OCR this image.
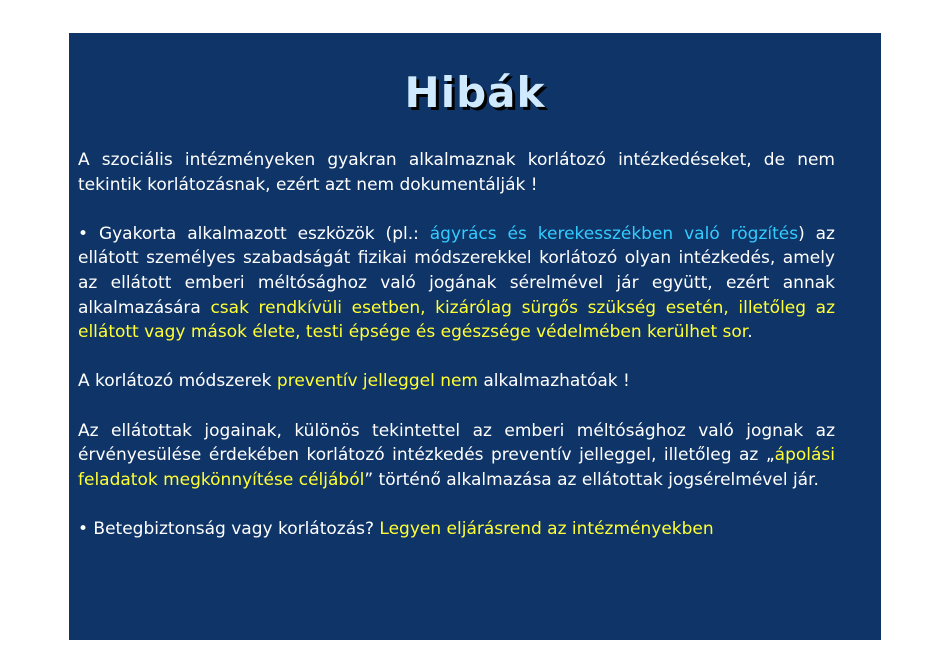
Hibák

A szociális intézményeken gyakran alkalmaznak korlátozó intézkedéseket, de nem tekintik korlátozásnak, ezért azt nem dokumentálják !

• Gyakorta alkalmazott eszközök (pl.: ágyrács és kerekesszékben való rögzítés) az ellátott személyes szabadságát fizikai módszerekkel korlátozó olyan intézkedés, amely az ellátott emberi méltósághoz való jogának sérelmével jár együtt, ezért annak alkalmazására csak rendkívüli esetben, kizárólag sürgős szükség esetén, illetőleg az ellátott vagy mások élete, testi épsége és egészsége védelmében kerülhet sor.

A korlátozó módszerek preventív jelleggel nem alkalmazhatóak !

Az ellátottak jogainak, különös tekintettel az emberi méltósághoz való jognak az érvényesülése érdekében korlátozó intézkedés preventív jelleggel, illetőleg az „ápolási feladatok megkönnyítése céljából” történő alkalmazása az ellátottak jogsérelmével jár.

• Betegbiztonság vagy korlátozás? Legyen eljárásrend az intézményekben
